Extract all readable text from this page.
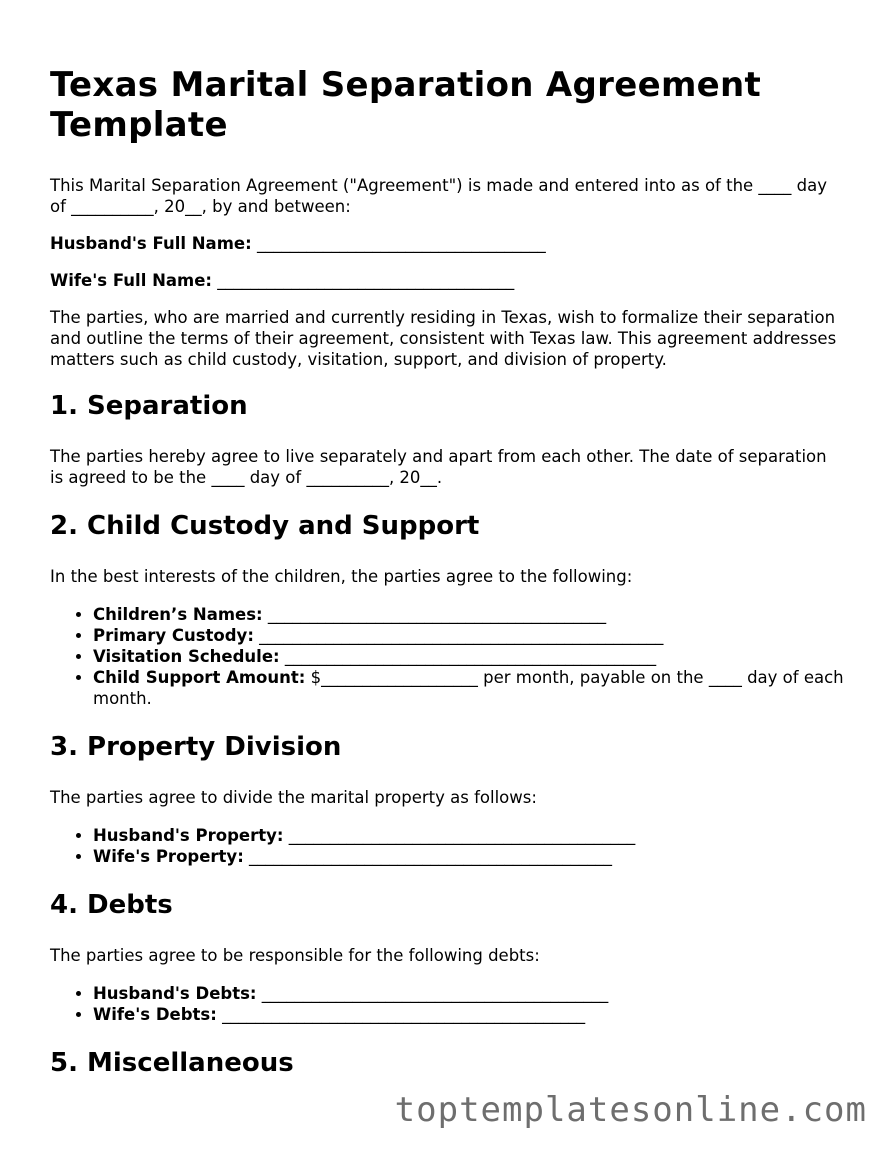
Texas Marital Separation Agreement Template

This Marital Separation Agreement ("Agreement") is made and entered into as of the ____ day of __________, 20__, by and between:

Husband's Full Name: ___________________________________

Wife's Full Name: ____________________________________

The parties, who are married and currently residing in Texas, wish to formalize their separation and outline the terms of their agreement, consistent with Texas law. This agreement addresses matters such as child custody, visitation, support, and division of property.

1. Separation

The parties hereby agree to live separately and apart from each other. The date of separation is agreed to be the ____ day of __________, 20__.

2. Child Custody and Support

In the best interests of the children, the parties agree to the following:

• Children’s Names: _________________________________________
• Primary Custody: _________________________________________________
• Visitation Schedule: _____________________________________________
• Child Support Amount: $___________________ per month, payable on the ____ day of each month.
3. Property Division

The parties agree to divide the marital property as follows:

• Husband's Property: __________________________________________
• Wife's Property: ____________________________________________
4. Debts

The parties agree to be responsible for the following debts:

• Husband's Debts: __________________________________________
• Wife's Debts: ____________________________________________
5. Miscellaneous
toptemplatesonline.com
